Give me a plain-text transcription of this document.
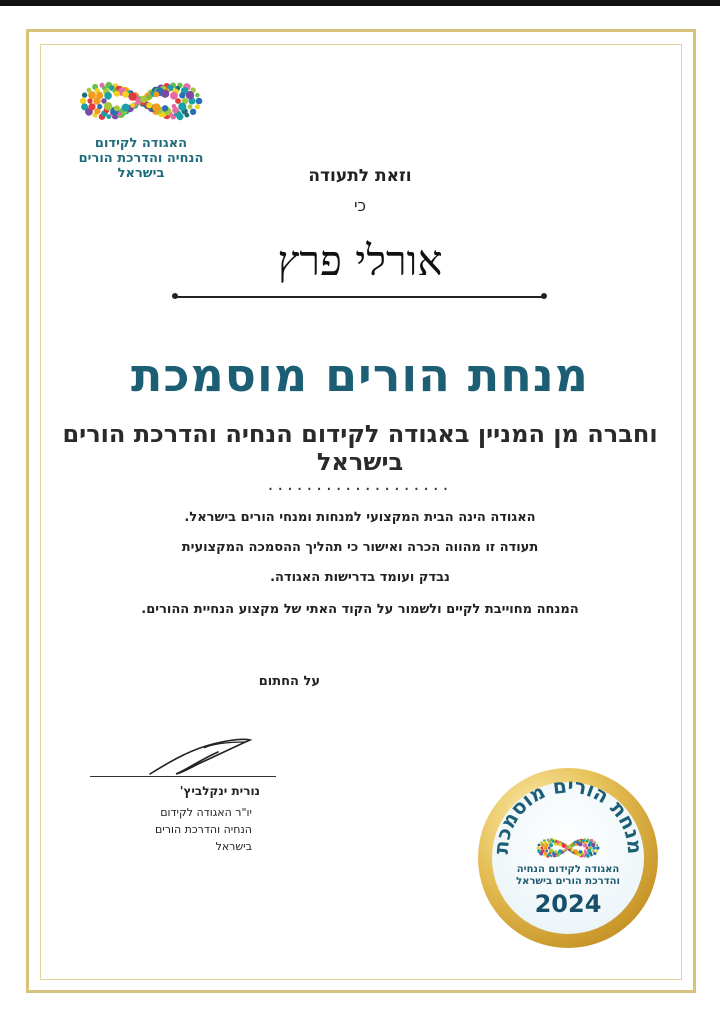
האגודה לקידום
הנחיה והדרכת הורים
בישראל	וזאת לתעודה
כי
אורלי פרץ
מנחת הורים מוסמכת
וחברה מן המניין באגודה לקידום הנחיה והדרכת הורים בישראל
...................
האגודה הינה הבית המקצועי למנחות ומנחי הורים בישראל.
תעודה זו מהווה הכרה ואישור כי תהליך ההסמכה המקצועית
נבדק ועומד בדרישות האגודה.
המנחה מחוייבת לקיים ולשמור על הקוד האתי של מקצוע הנחיית ההורים.
על החתום
נורית ינקלביץ'
יו"ר האגודה לקידום
הנחיה והדרכת הורים
בישראל	מנחת הורים מוסמכת
האגודה לקידום הנחיה
והדרכת הורים בישראל
2024
